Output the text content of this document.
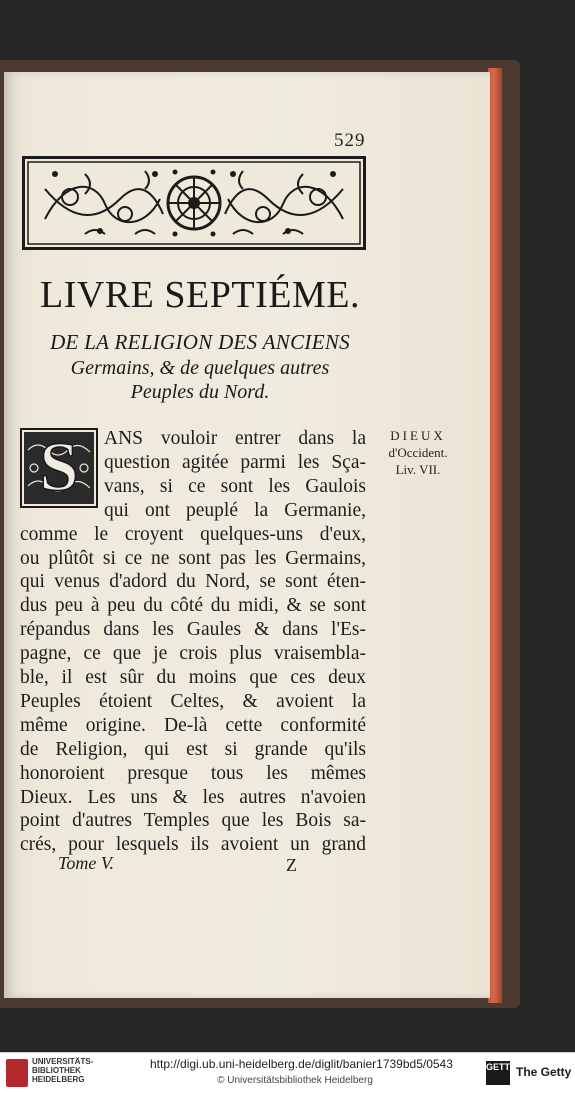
529
LIVRE SEPTIÉME.
DE LA RELIGION DES ANCIENS
Germains, & de quelques autres
Peuples du Nord.
S	ANS vouloir entrer dans la
question agitée parmi les Sça-
vans, si ce sont les Gaulois
qui ont peuplé la Germanie,
comme le croyent quelques-uns d'eux,
ou plûtôt si ce ne sont pas les Germains,
qui venus d'adord du Nord, se sont éten-
dus peu à peu du côté du midi, & se sont
répandus dans les Gaules & dans l'Es-
pagne, ce que je crois plus vraisembla-
ble, il est sûr du moins que ces deux
Peuples étoient Celtes, & avoient la
même origine. De-là cette conformité
de Religion, qui est si grande qu'ils
honoroient presque tous les mêmes
Dieux. Les uns & les autres n'avoien
point d'autres Temples que les Bois sa-
crés, pour lesquels ils avoient un grand
DIEUX
d'Occident.
Liv. VII.
Tome V.	Z
UNIVERSITÄTS-
BIBLIOTHEK
HEIDELBERG
http://digi.ub.uni-heidelberg.de/diglit/banier1739bd5/0543
© Universitätsbibliothek Heidelberg
GETTY The Getty
